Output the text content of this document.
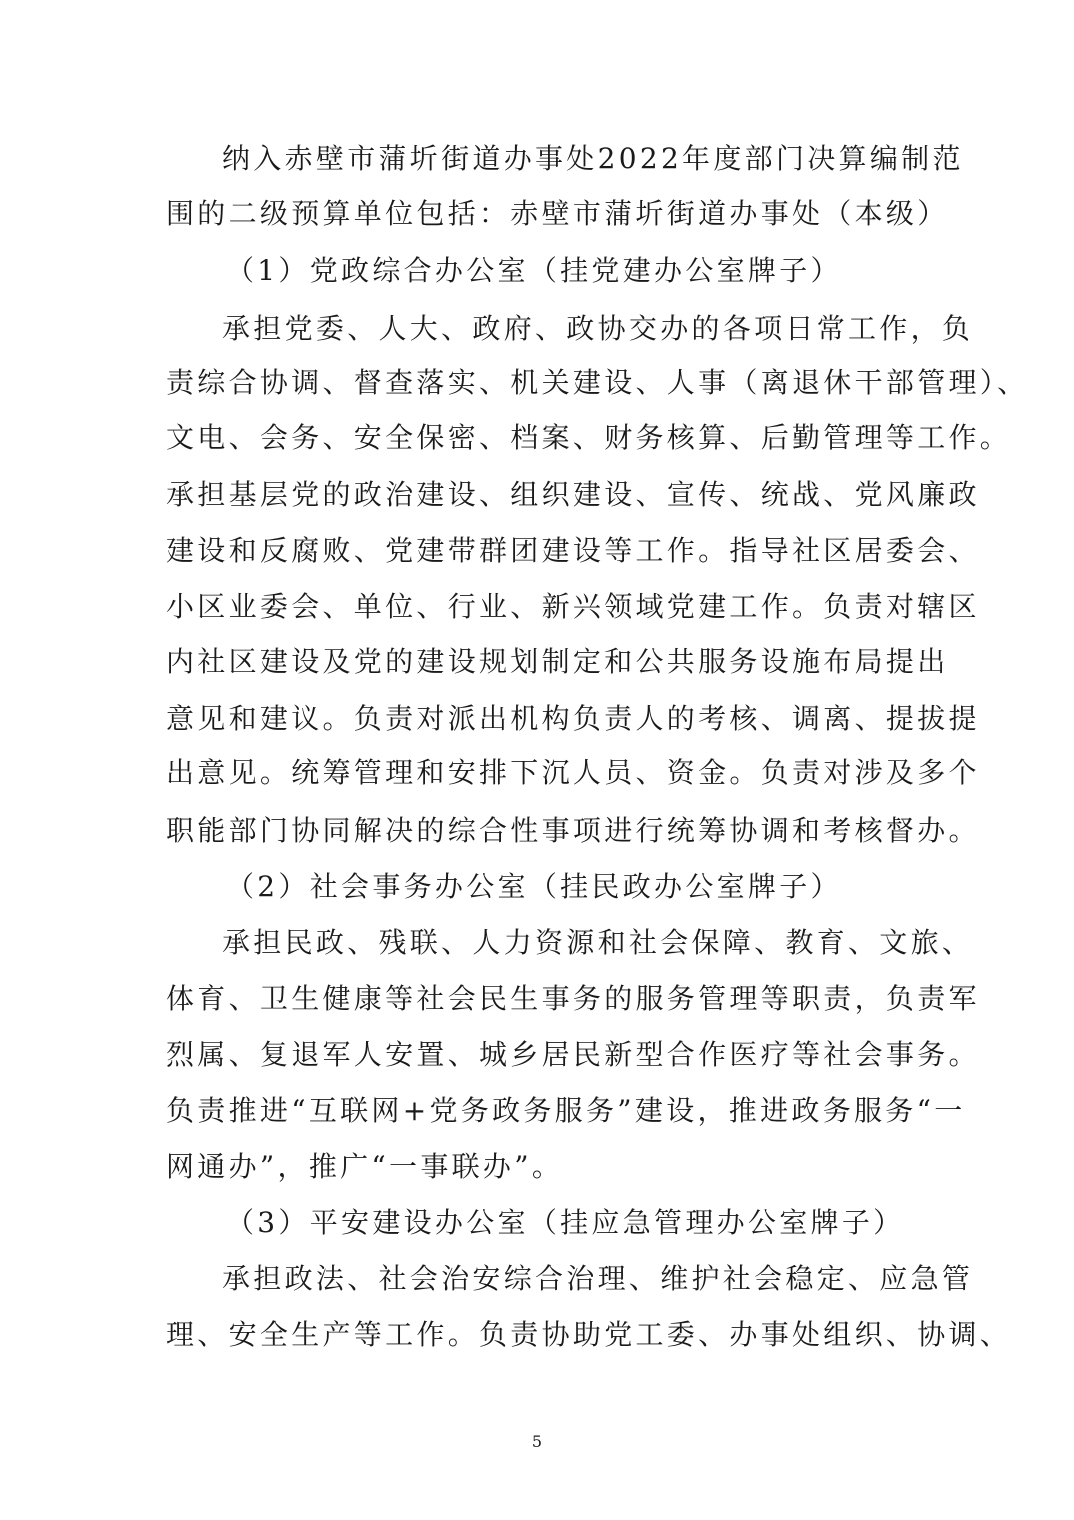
纳入赤壁市蒲圻街道办事处2022年度部门决算编制范
围的二级预算单位包括：赤壁市蒲圻街道办事处（本级）
（1）党政综合办公室（挂党建办公室牌子）
承担党委、人大、政府、政协交办的各项日常工作，负
责综合协调、督查落实、机关建设、人事（离退休干部管理）、
文电、会务、安全保密、档案、财务核算、后勤管理等工作。
承担基层党的政治建设、组织建设、宣传、统战、党风廉政
建设和反腐败、党建带群团建设等工作。指导社区居委会、
小区业委会、单位、行业、新兴领域党建工作。负责对辖区
内社区建设及党的建设规划制定和公共服务设施布局提出
意见和建议。负责对派出机构负责人的考核、调离、提拔提
出意见。统筹管理和安排下沉人员、资金。负责对涉及多个
职能部门协同解决的综合性事项进行统筹协调和考核督办。
（2）社会事务办公室（挂民政办公室牌子）
承担民政、残联、人力资源和社会保障、教育、文旅、
体育、卫生健康等社会民生事务的服务管理等职责，负责军
烈属、复退军人安置、城乡居民新型合作医疗等社会事务。
负责推进“互联网+党务政务服务”建设，推进政务服务“一
网通办”，推广“一事联办”。
（3）平安建设办公室（挂应急管理办公室牌子）
承担政法、社会治安综合治理、维护社会稳定、应急管
理、安全生产等工作。负责协助党工委、办事处组织、协调、
5
